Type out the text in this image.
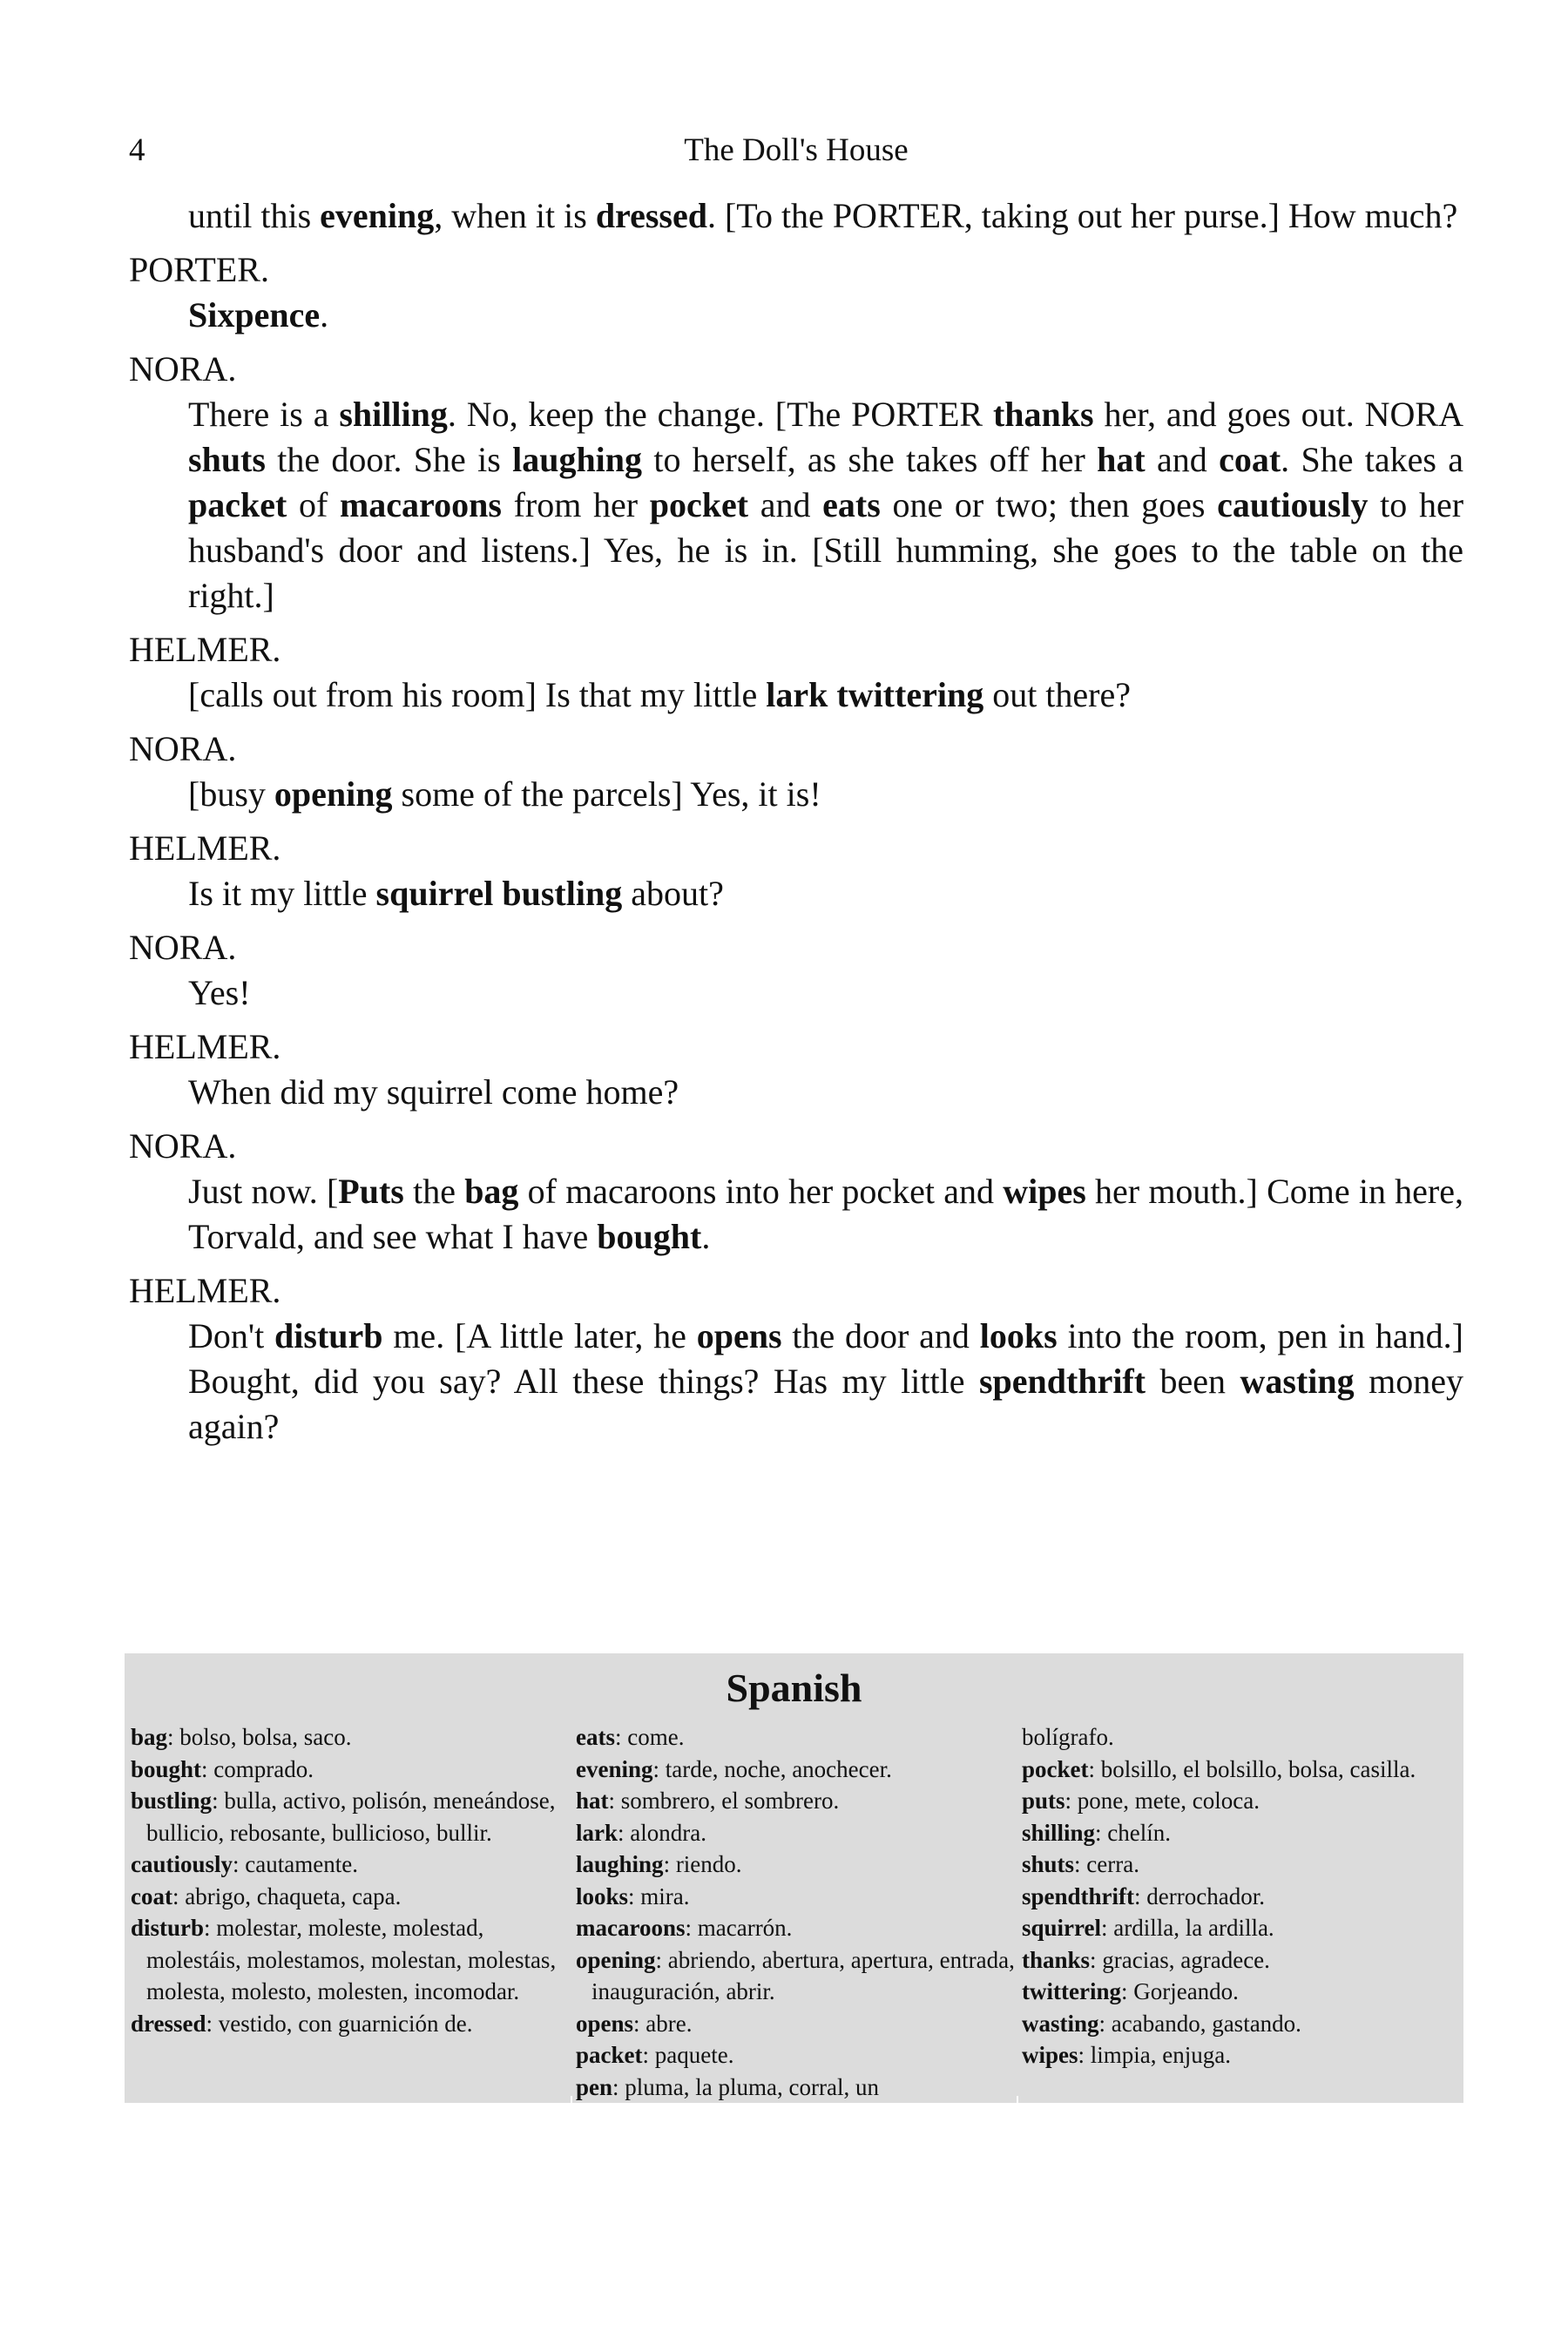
4	The Doll's House

until this evening, when it is dressed. [To the PORTER, taking out her purse.] How much?

PORTER.

Sixpence.

NORA.

There is a shilling. No, keep the change. [The PORTER thanks her, and goes out. NORA shuts the door. She is laughing to herself, as she takes off her hat and coat. She takes a packet of macaroons from her pocket and eats one or two; then goes cautiously to her husband's door and listens.] Yes, he is in. [Still humming, she goes to the table on the right.]

HELMER.

[calls out from his room] Is that my little lark twittering out there?

NORA.

[busy opening some of the parcels] Yes, it is!

HELMER.

Is it my little squirrel bustling about?

NORA.

Yes!

HELMER.

When did my squirrel come home?

NORA.

Just now. [Puts the bag of macaroons into her pocket and wipes her mouth.] Come in here, Torvald, and see what I have bought.

HELMER.

Don't disturb me. [A little later, he opens the door and looks into the room, pen in hand.] Bought, did you say? All these things? Has my little spendthrift been wasting money again?

Spanish
bag: bolso, bolsa, saco.
bought: comprado.
bustling: bulla, activo, polisón, meneándose, bullicio, rebosante, bullicioso, bullir.
cautiously: cautamente.
coat: abrigo, chaqueta, capa.
disturb: molestar, moleste, molestad, molestáis, molestamos, molestan, molestas, molesta, molesto, molesten, incomodar.
dressed: vestido, con guarnición de.
eats: come.
evening: tarde, noche, anochecer.
hat: sombrero, el sombrero.
lark: alondra.
laughing: riendo.
looks: mira.
macaroons: macarrón.
opening: abriendo, abertura, apertura, entrada, inauguración, abrir.
opens: abre.
packet: paquete.
pen: pluma, la pluma, corral, un
bolígrafo.
pocket: bolsillo, el bolsillo, bolsa, casilla.
puts: pone, mete, coloca.
shilling: chelín.
shuts: cerra.
spendthrift: derrochador.
squirrel: ardilla, la ardilla.
thanks: gracias, agradece.
twittering: Gorjeando.
wasting: acabando, gastando.
wipes: limpia, enjuga.
